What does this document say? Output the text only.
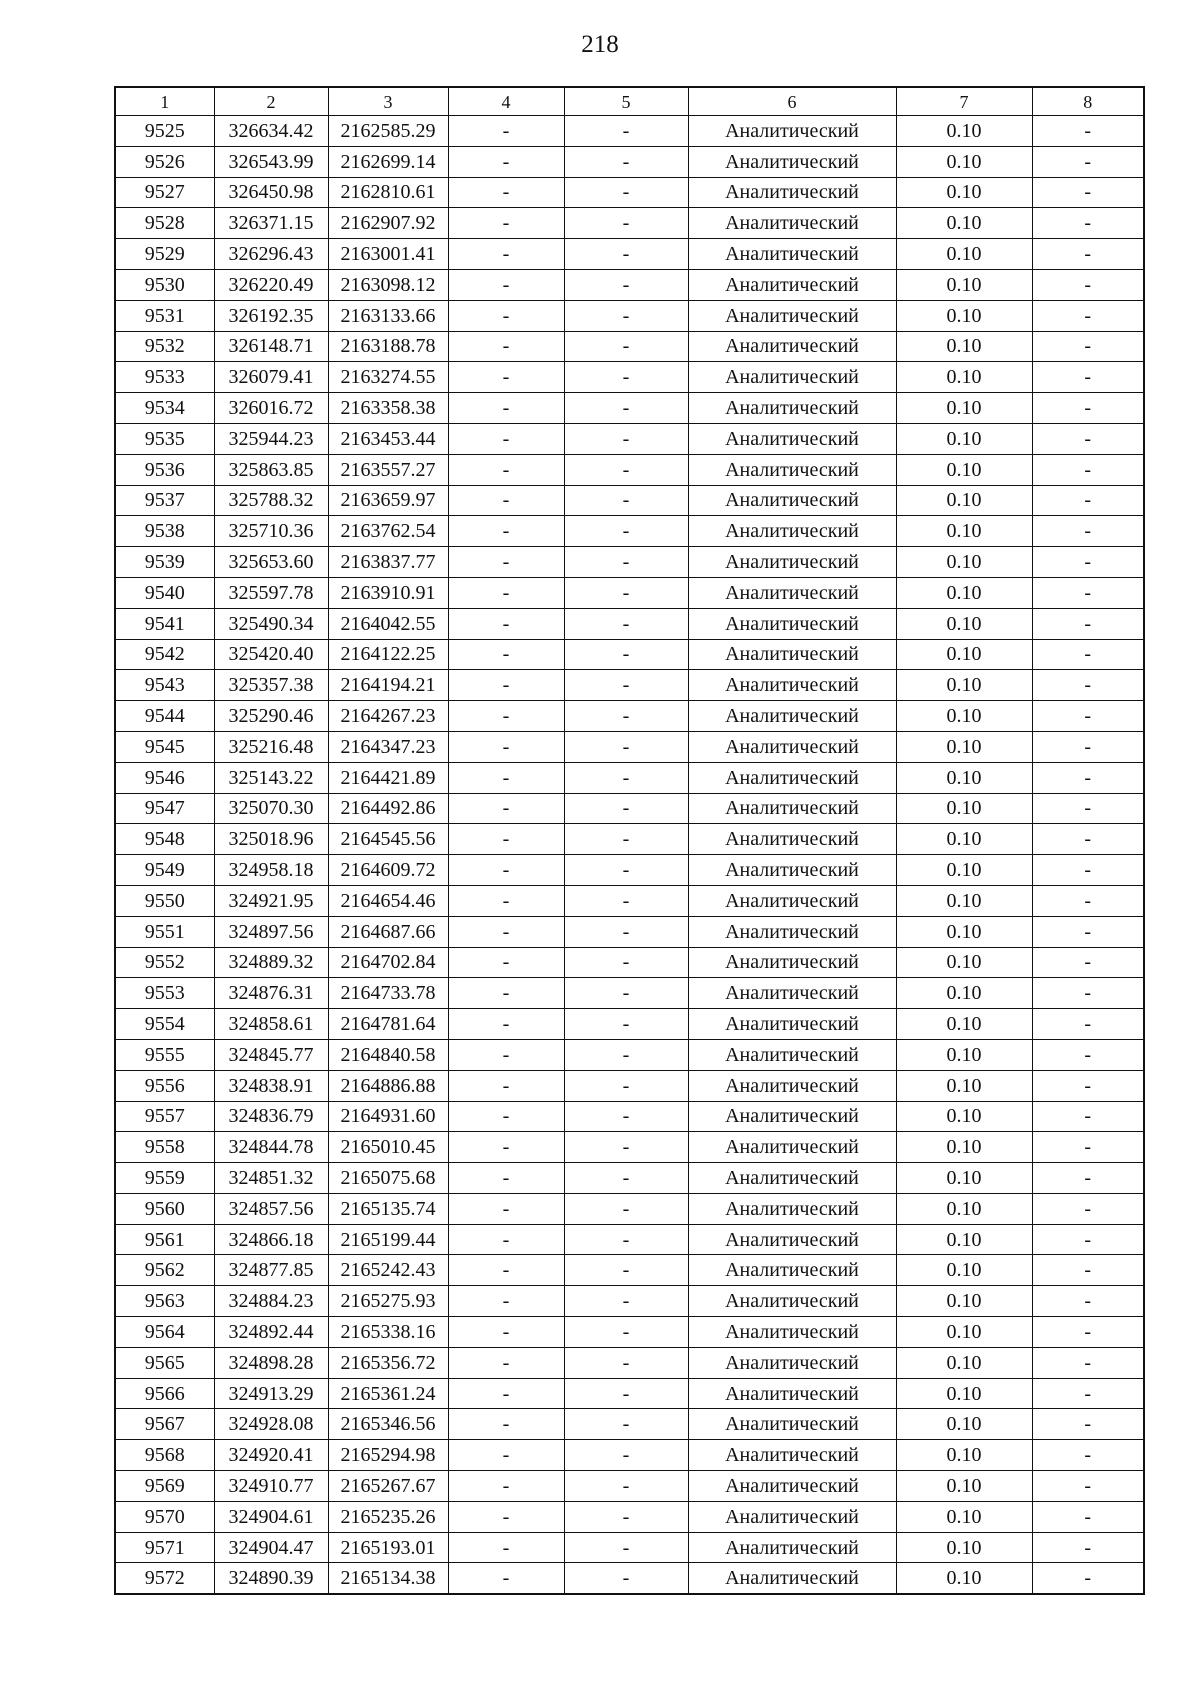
218
1	2	3	4	5	6	7	8
9525	326634.42	2162585.29	-	-	Аналитический	0.10	-
9526	326543.99	2162699.14	-	-	Аналитический	0.10	-
9527	326450.98	2162810.61	-	-	Аналитический	0.10	-
9528	326371.15	2162907.92	-	-	Аналитический	0.10	-
9529	326296.43	2163001.41	-	-	Аналитический	0.10	-
9530	326220.49	2163098.12	-	-	Аналитический	0.10	-
9531	326192.35	2163133.66	-	-	Аналитический	0.10	-
9532	326148.71	2163188.78	-	-	Аналитический	0.10	-
9533	326079.41	2163274.55	-	-	Аналитический	0.10	-
9534	326016.72	2163358.38	-	-	Аналитический	0.10	-
9535	325944.23	2163453.44	-	-	Аналитический	0.10	-
9536	325863.85	2163557.27	-	-	Аналитический	0.10	-
9537	325788.32	2163659.97	-	-	Аналитический	0.10	-
9538	325710.36	2163762.54	-	-	Аналитический	0.10	-
9539	325653.60	2163837.77	-	-	Аналитический	0.10	-
9540	325597.78	2163910.91	-	-	Аналитический	0.10	-
9541	325490.34	2164042.55	-	-	Аналитический	0.10	-
9542	325420.40	2164122.25	-	-	Аналитический	0.10	-
9543	325357.38	2164194.21	-	-	Аналитический	0.10	-
9544	325290.46	2164267.23	-	-	Аналитический	0.10	-
9545	325216.48	2164347.23	-	-	Аналитический	0.10	-
9546	325143.22	2164421.89	-	-	Аналитический	0.10	-
9547	325070.30	2164492.86	-	-	Аналитический	0.10	-
9548	325018.96	2164545.56	-	-	Аналитический	0.10	-
9549	324958.18	2164609.72	-	-	Аналитический	0.10	-
9550	324921.95	2164654.46	-	-	Аналитический	0.10	-
9551	324897.56	2164687.66	-	-	Аналитический	0.10	-
9552	324889.32	2164702.84	-	-	Аналитический	0.10	-
9553	324876.31	2164733.78	-	-	Аналитический	0.10	-
9554	324858.61	2164781.64	-	-	Аналитический	0.10	-
9555	324845.77	2164840.58	-	-	Аналитический	0.10	-
9556	324838.91	2164886.88	-	-	Аналитический	0.10	-
9557	324836.79	2164931.60	-	-	Аналитический	0.10	-
9558	324844.78	2165010.45	-	-	Аналитический	0.10	-
9559	324851.32	2165075.68	-	-	Аналитический	0.10	-
9560	324857.56	2165135.74	-	-	Аналитический	0.10	-
9561	324866.18	2165199.44	-	-	Аналитический	0.10	-
9562	324877.85	2165242.43	-	-	Аналитический	0.10	-
9563	324884.23	2165275.93	-	-	Аналитический	0.10	-
9564	324892.44	2165338.16	-	-	Аналитический	0.10	-
9565	324898.28	2165356.72	-	-	Аналитический	0.10	-
9566	324913.29	2165361.24	-	-	Аналитический	0.10	-
9567	324928.08	2165346.56	-	-	Аналитический	0.10	-
9568	324920.41	2165294.98	-	-	Аналитический	0.10	-
9569	324910.77	2165267.67	-	-	Аналитический	0.10	-
9570	324904.61	2165235.26	-	-	Аналитический	0.10	-
9571	324904.47	2165193.01	-	-	Аналитический	0.10	-
9572	324890.39	2165134.38	-	-	Аналитический	0.10	-
